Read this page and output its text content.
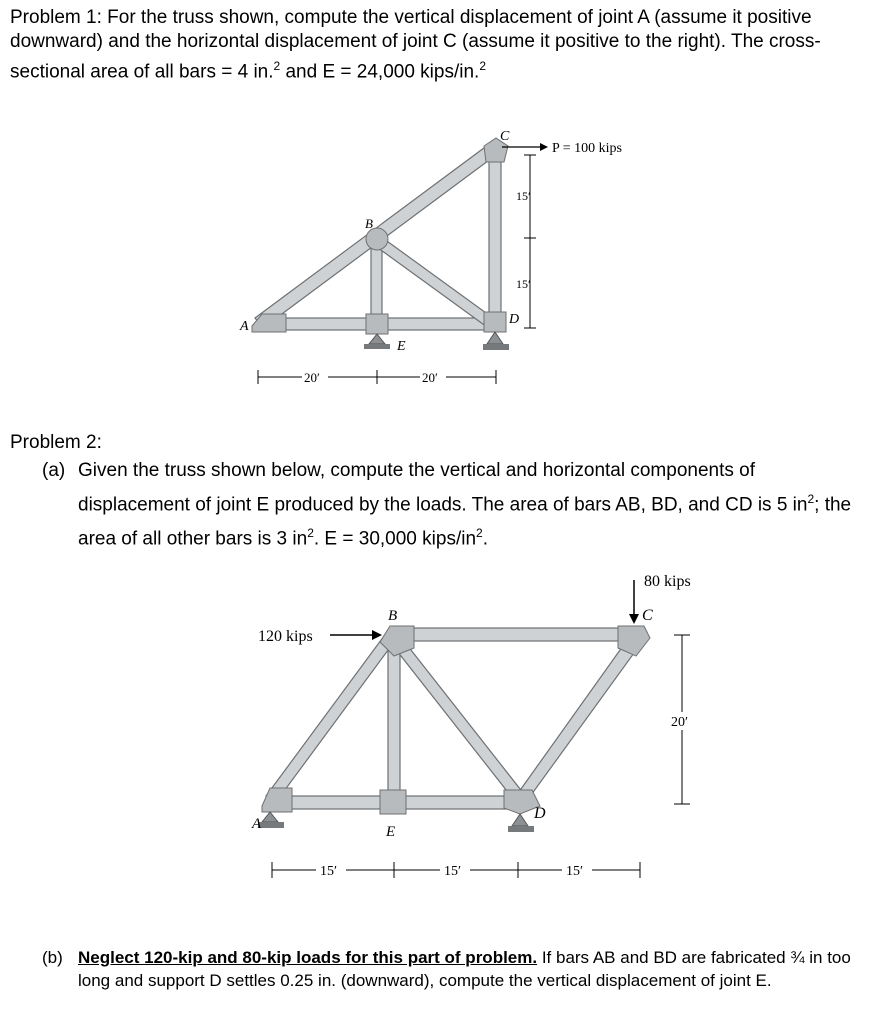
Problem 1: For the truss shown, compute the vertical displacement of joint A (assume it positive downward) and the horizontal displacement of joint C (assume it positive to the right). The cross-sectional area of all bars = 4 in.$^2$ and E = 24,000 kips/in.$^2$
A
B
C
D
E
P = 100 kips
15′
15′
20′	20′
Problem 2:
(a) Given the truss shown below, compute the vertical and horizontal components of displacement of joint E produced by the loads. The area of bars AB, BD, and CD is 5 $in^2$; the area of all other bars is 3 $in^2$. E = 30,000 kips/$in^2$.
A
B	C
D
E
120 kips
80 kips
20′
15′	15′	15′
(b) Neglect 120-kip and 80-kip loads for this part of problem. If bars AB and BD are fabricated ¾ in too long and support D settles 0.25 in. (downward), compute the vertical displacement of joint E.
